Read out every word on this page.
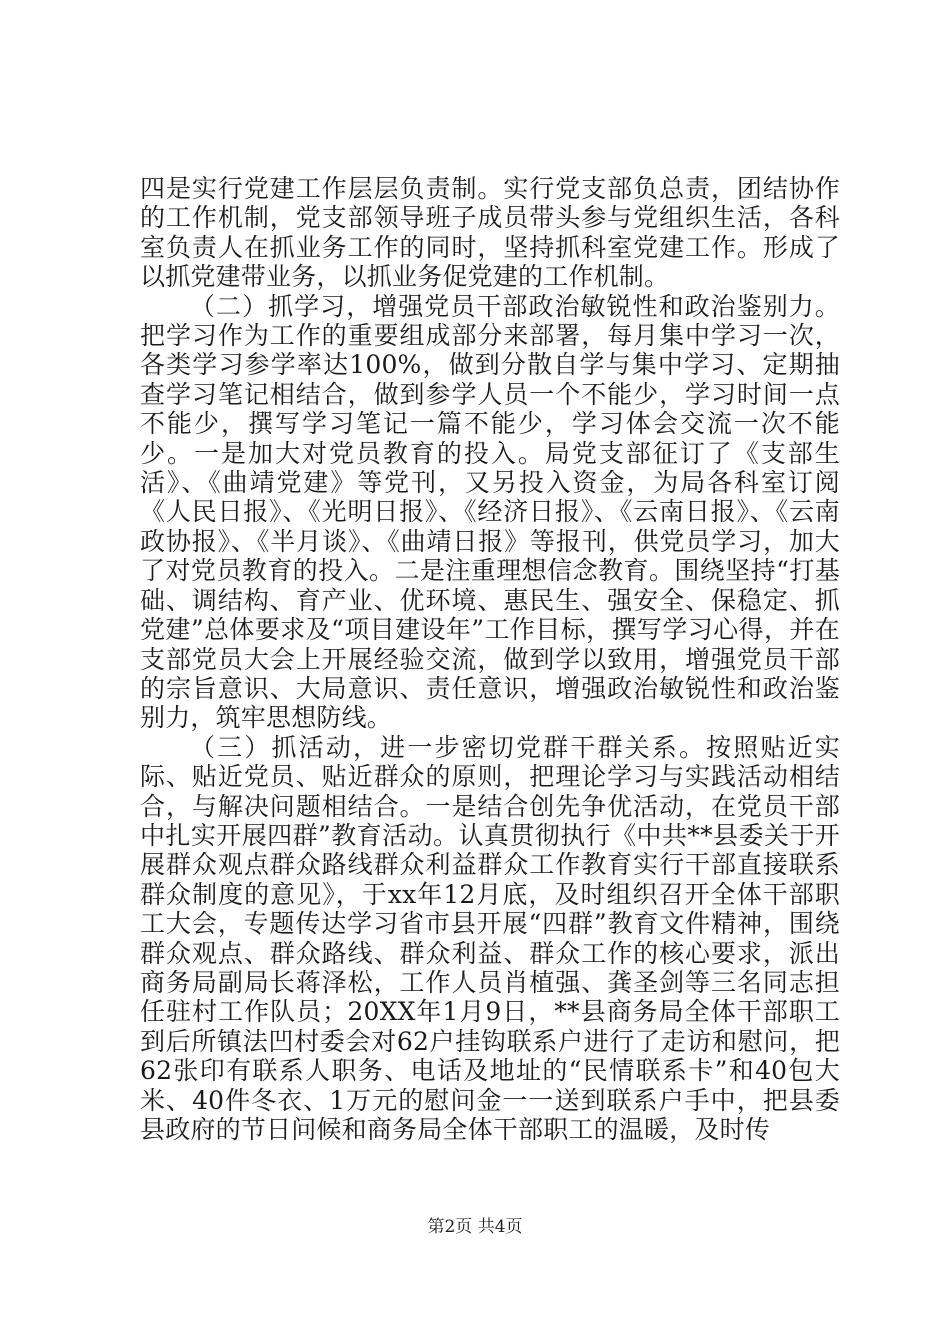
四是实行党建工作层层负责制。实行党支部负总责，团结协作的工作机制，党支部领导班子成员带头参与党组织生活，各科室负责人在抓业务工作的同时，坚持抓科室党建工作。形成了以抓党建带业务，以抓业务促党建的工作机制。

（二）抓学习，增强党员干部政治敏锐性和政治鉴别力。把学习作为工作的重要组成部分来部署，每月集中学习一次，各类学习参学率达100%，做到分散自学与集中学习、定期抽查学习笔记相结合，做到参学人员一个不能少，学习时间一点不能少，撰写学习笔记一篇不能少，学习体会交流一次不能少。一是加大对党员教育的投入。局党支部征订了《支部生活》、《曲靖党建》等党刊，又另投入资金，为局各科室订阅《人民日报》、《光明日报》、《经济日报》、《云南日报》、《云南政协报》、《半月谈》、《曲靖日报》等报刊，供党员学习，加大了对党员教育的投入。二是注重理想信念教育。围绕坚持“打基础、调结构、育产业、优环境、惠民生、强安全、保稳定、抓党建”总体要求及“项目建设年”工作目标，撰写学习心得，并在支部党员大会上开展经验交流，做到学以致用，增强党员干部的宗旨意识、大局意识、责任意识，增强政治敏锐性和政治鉴别力，筑牢思想防线。

（三）抓活动，进一步密切党群干群关系。按照贴近实际、贴近党员、贴近群众的原则，把理论学习与实践活动相结合，与解决问题相结合。一是结合创先争优活动，在党员干部中扎实开展四群”教育活动。认真贯彻执行《中共**县委关于开展群众观点群众路线群众利益群众工作教育实行干部直接联系群众制度的意见》，于xx年12月底，及时组织召开全体干部职工大会，专题传达学习省市县开展“四群”教育文件精神，围绕群众观点、群众路线、群众利益、群众工作的核心要求，派出商务局副局长蒋泽松，工作人员肖植强、龚圣剑等三名同志担任驻村工作队员；20XX年1月9日，**县商务局全体干部职工到后所镇法凹村委会对62户挂钩联系户进行了走访和慰问，把62张印有联系人职务、电话及地址的“民情联系卡”和40包大米、40件冬衣、1万元的慰问金一一送到联系户手中，把县委县政府的节日问候和商务局全体干部职工的温暖，及时传

第2页 共4页
